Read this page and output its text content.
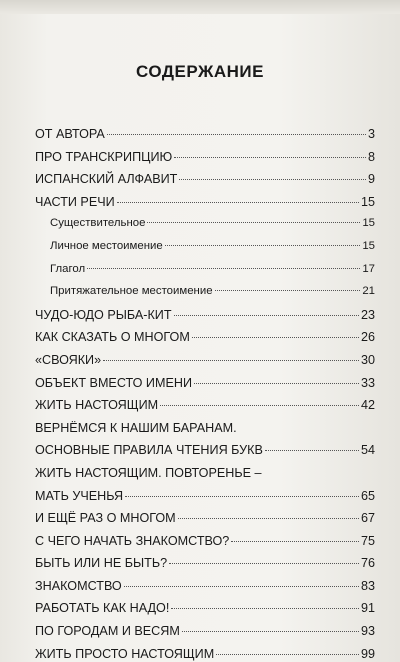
СОДЕРЖАНИЕ
ОТ АВТОРА	3
ПРО ТРАНСКРИПЦИЮ	8
ИСПАНСКИЙ АЛФАВИТ	9
ЧАСТИ РЕЧИ	15
Существительное	15
Личное местоимение	15
Глагол	17
Притяжательное местоимение	21
ЧУДО-ЮДО РЫБА-КИТ	23
КАК СКАЗАТЬ О МНОГОМ	26
«СВОЯКИ»	30
ОБЪЕКТ ВМЕСТО ИМЕНИ	33
ЖИТЬ НАСТОЯЩИМ	42
ВЕРНЁМСЯ К НАШИМ БАРАНАМ.
ОСНОВНЫЕ ПРАВИЛА ЧТЕНИЯ БУКВ	54
ЖИТЬ НАСТОЯЩИМ. ПОВТОРЕНЬЕ –
МАТЬ УЧЕНЬЯ	65
И ЕЩЁ РАЗ О МНОГОМ	67
С ЧЕГО НАЧАТЬ ЗНАКОМСТВО?	75
БЫТЬ ИЛИ НЕ БЫТЬ?	76
ЗНАКОМСТВО	83
РАБОТАТЬ КАК НАДО!	91
ПО ГОРОДАМ И ВЕСЯМ	93
ЖИТЬ ПРОСТО НАСТОЯЩИМ	99
